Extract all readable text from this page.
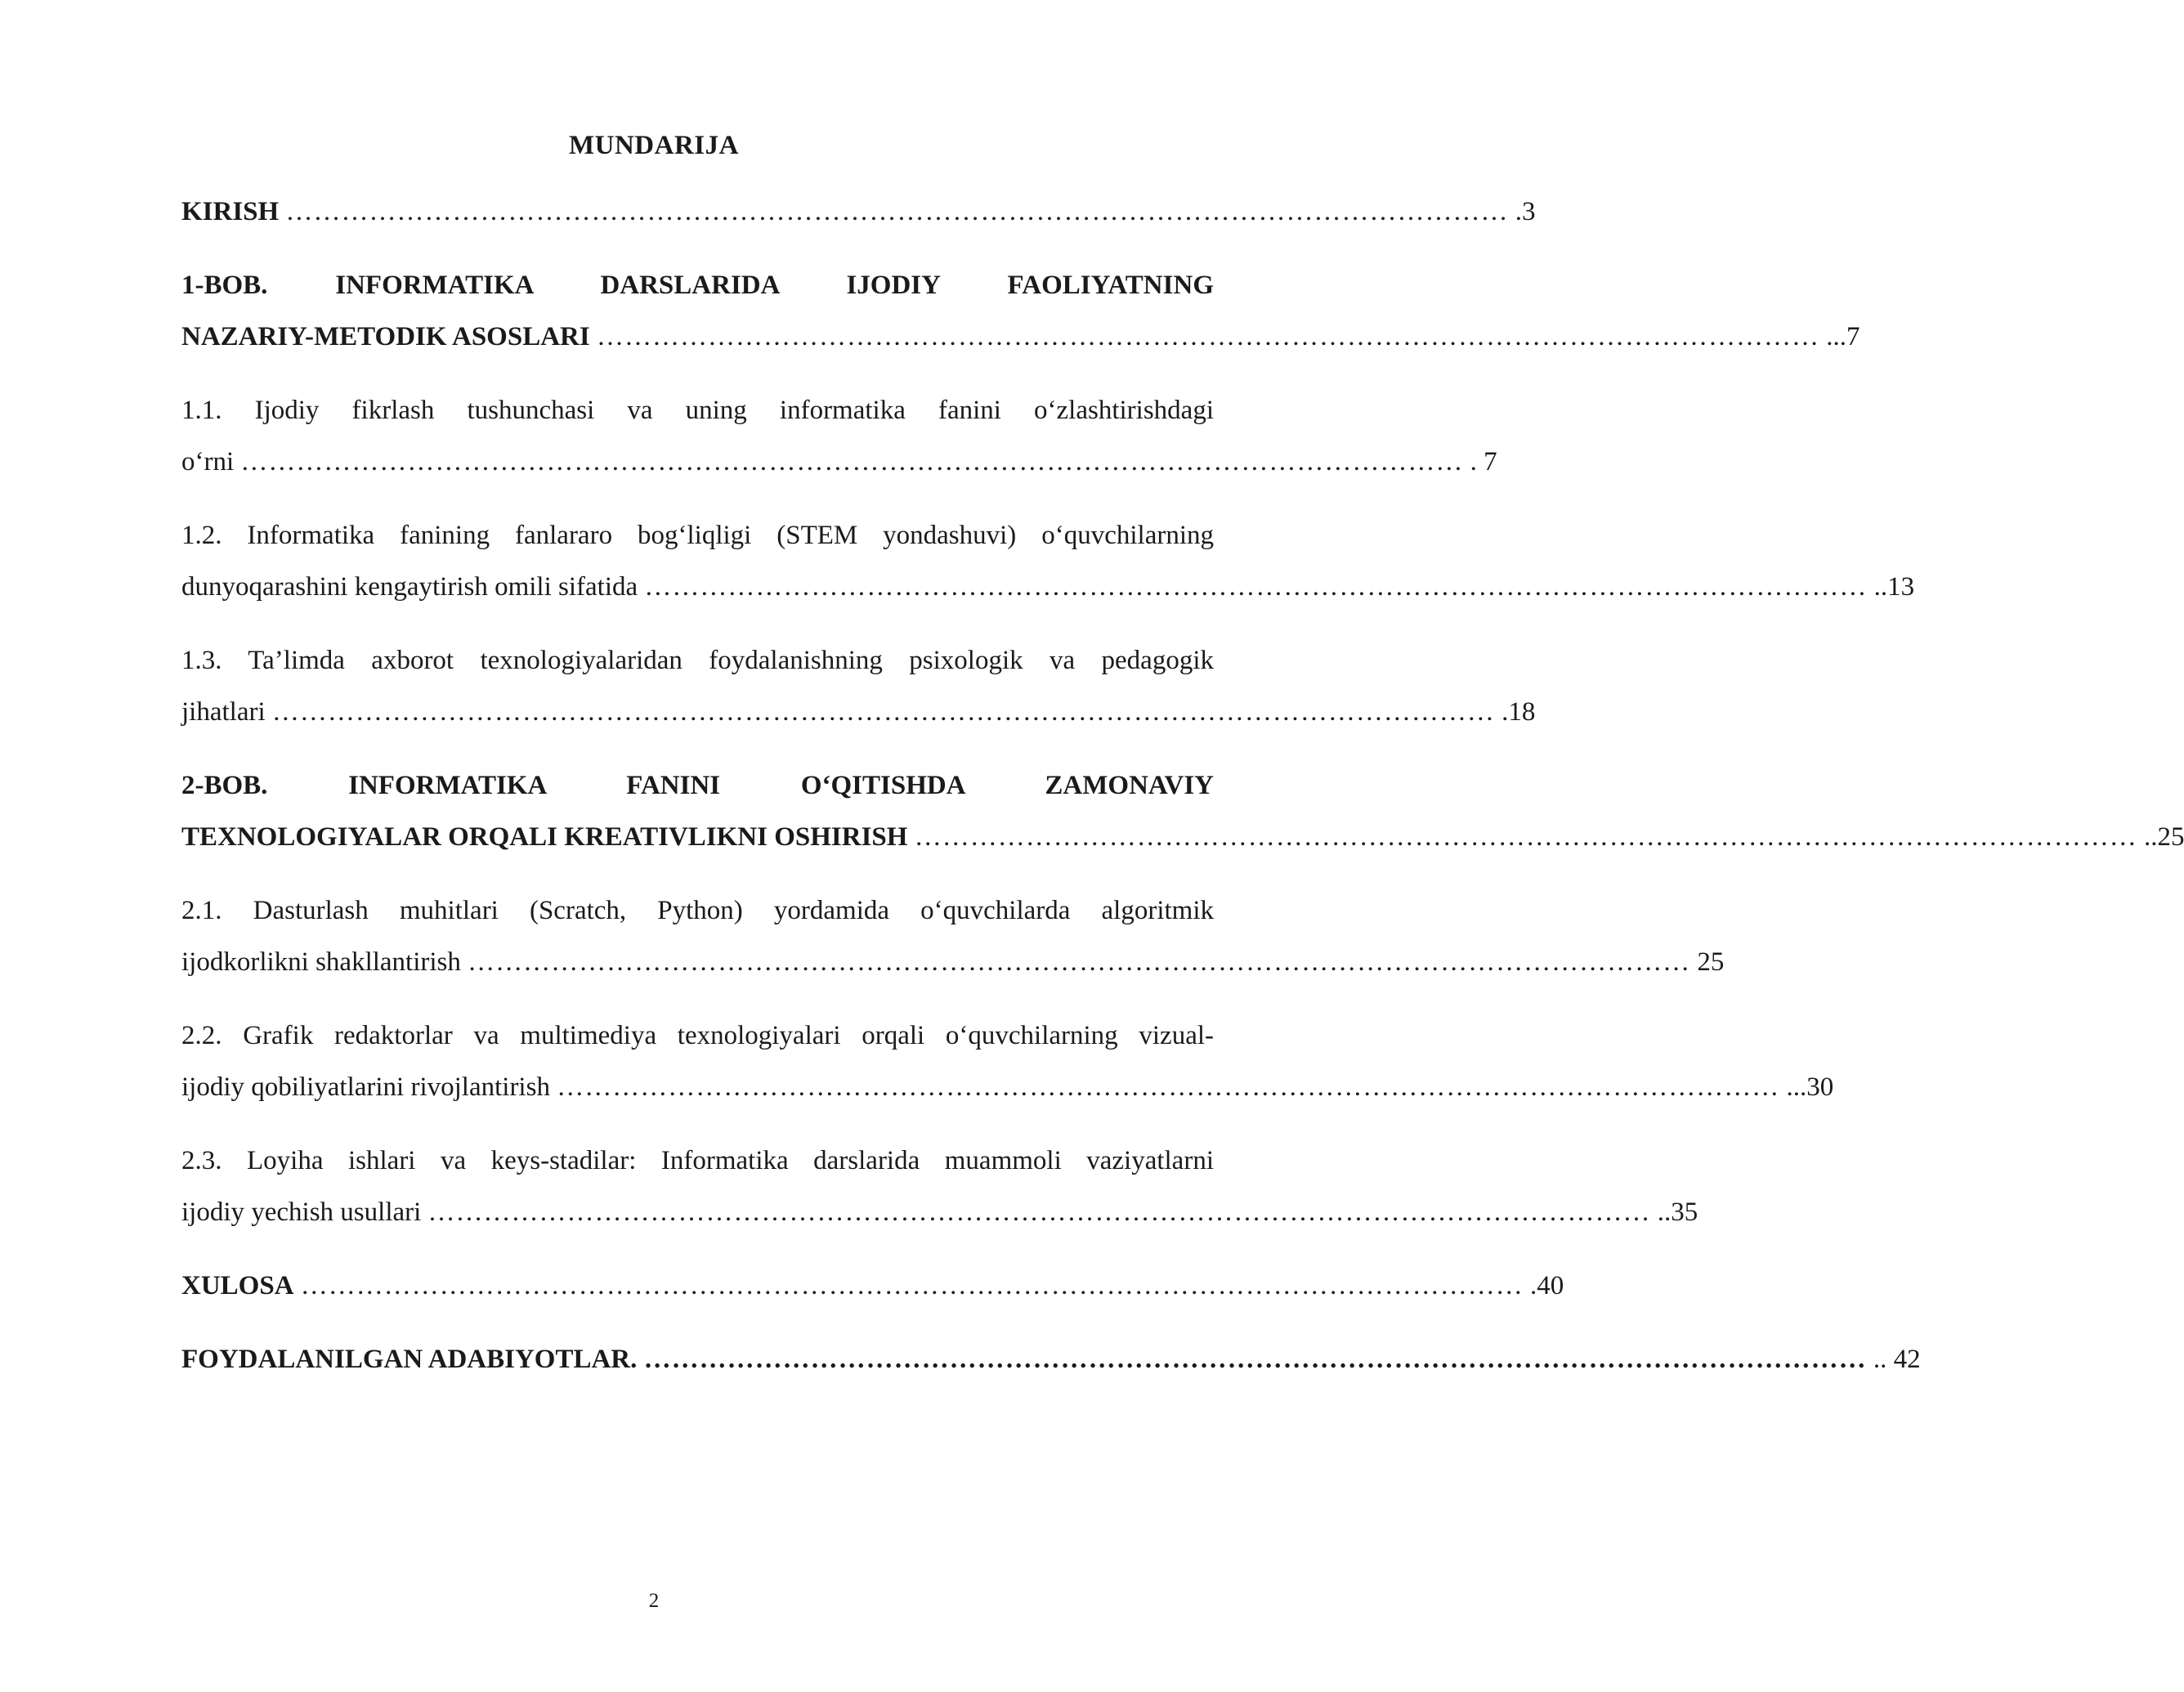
MUNDARIJA
KIRISH …………………………………………………………………………………………………………………… .3
1-BOB. INFORMATIKA DARSLARIDA IJODIY FAOLIYATNING
NAZARIY-METODIK ASOSLARI …………………………………………………………………………………………………………………… ...7
1.1. Ijodiy fikrlash tushunchasi va uning informatika fanini o‘zlashtirishdagi
o‘rni …………………………………………………………………………………………………………………… . 7
1.2. Informatika fanining fanlararo bog‘liqligi (STEM yondashuvi) o‘quvchilarning
dunyoqarashini kengaytirish omili sifatida …………………………………………………………………………………………………………………… ..13
1.3. Ta’limda axborot texnologiyalaridan foydalanishning psixologik va pedagogik
jihatlari …………………………………………………………………………………………………………………… .18
2-BOB. INFORMATIKA FANINI O‘QITISHDA ZAMONAVIY
TEXNOLOGIYALAR ORQALI KREATIVLIKNI OSHIRISH …………………………………………………………………………………………………………………… ..25
2.1. Dasturlash muhitlari (Scratch, Python) yordamida o‘quvchilarda algoritmik
ijodkorlikni shakllantirish …………………………………………………………………………………………………………………… 25
2.2. Grafik redaktorlar va multimediya texnologiyalari orqali o‘quvchilarning vizual-
ijodiy qobiliyatlarini rivojlantirish …………………………………………………………………………………………………………………… ...30
2.3. Loyiha ishlari va keys-stadilar: Informatika darslarida muammoli vaziyatlarni
ijodiy yechish usullari …………………………………………………………………………………………………………………… ..35
XULOSA …………………………………………………………………………………………………………………… .40
FOYDALANILGAN ADABIYOTLAR. …………………………………………………………………………………………………………………… .. 42
2
